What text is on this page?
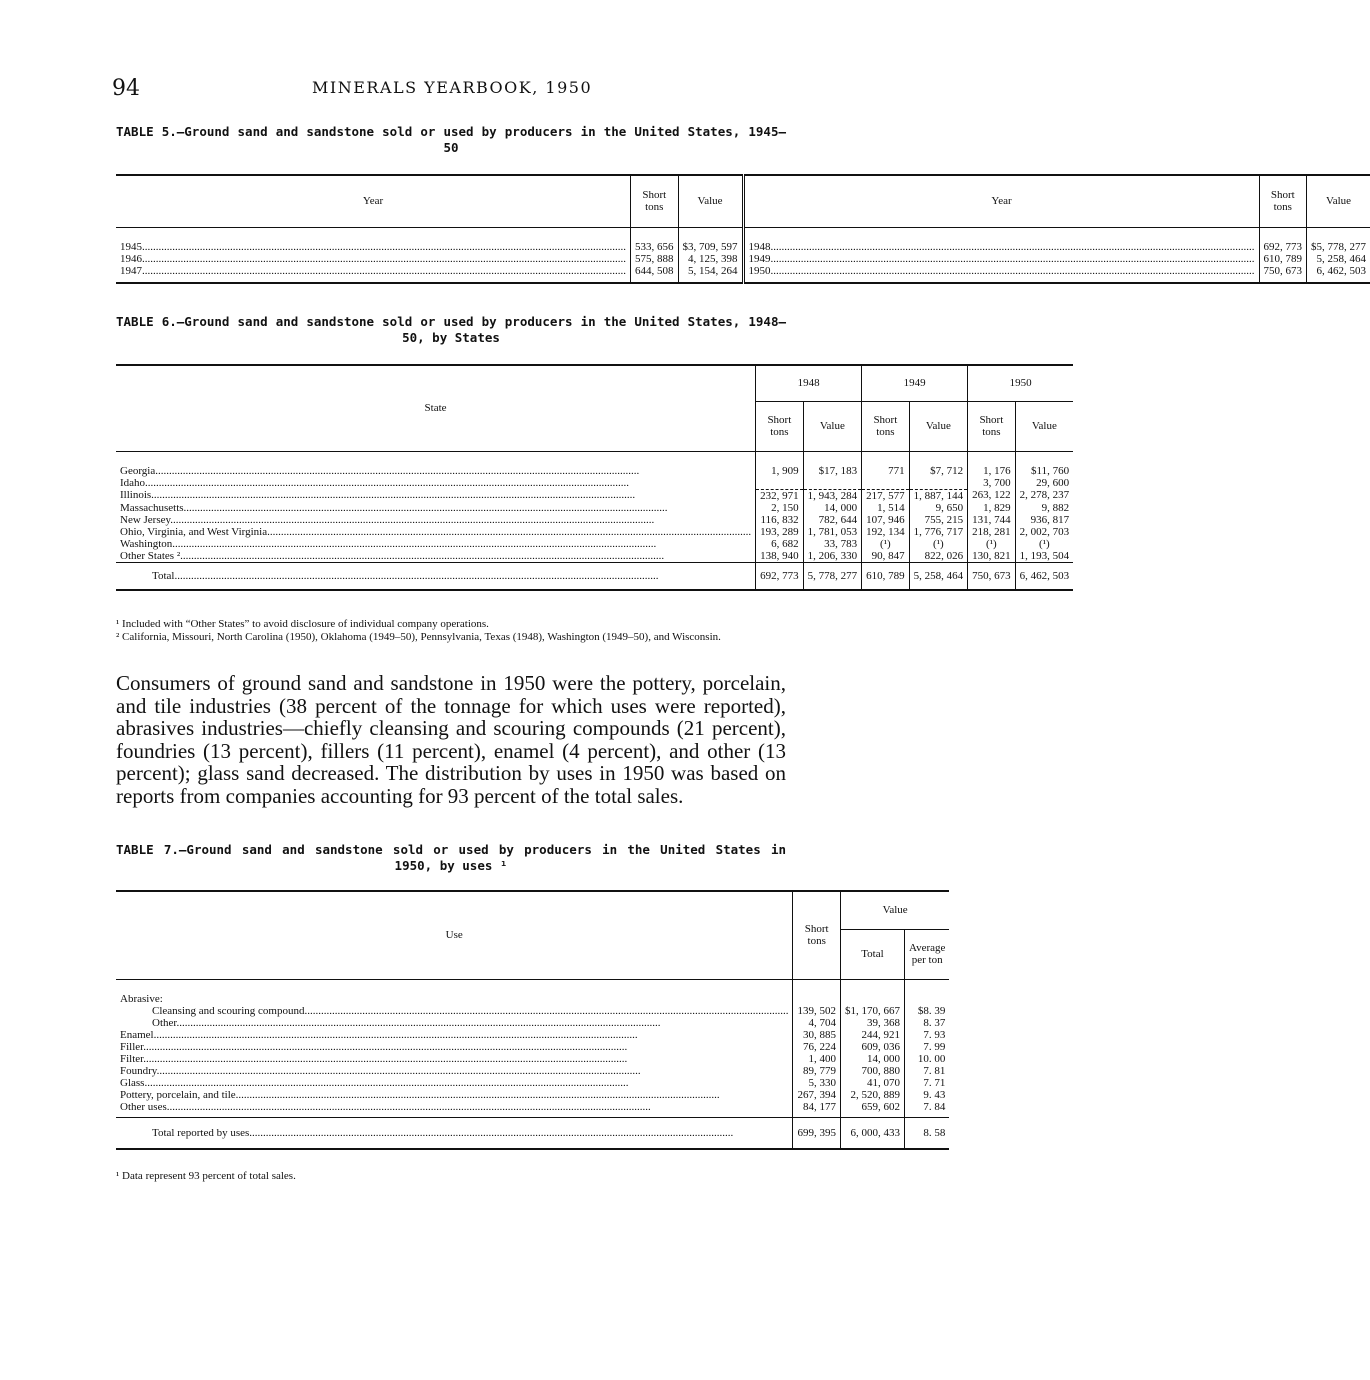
94	MINERALS YEARBOOK, 1950
TABLE 5.—Ground sand and sandstone sold or used by producers in the United States, 1945–50
Year	Short tons	Value	Year	Short tons	Value

1945 .....	533, 656	$3, 709, 597	1948 .....	692, 773	$5, 778, 277
1946 .....	575, 888	4, 125, 398	1949 .....	610, 789	5, 258, 464
1947 .....	644, 508	5, 154, 264	1950 .....	750, 673	6, 462, 503
TABLE 6.—Ground sand and sandstone sold or used by producers in the United States, 1948–50, by States
State	1948		1949		1950	
	Short tons	Value	Short tons	Value	Short tons	Value

Georgia .....	1, 909	$17, 183	771	$7, 712	1, 176	$11, 760
Idaho .....					3, 700	29, 600
Illinois .....	232, 971	1, 943, 284	217, 577	1, 887, 144	263, 122	2, 278, 237
Massachusetts .....	2, 150	14, 000	1, 514	9, 650	1, 829	9, 882
New Jersey .....	116, 832	782, 644	107, 946	755, 215	131, 744	936, 817
Ohio, Virginia, and West Virginia .....	193, 289	1, 781, 053	192, 134	1, 776, 717	218, 281	2, 002, 703
Washington .....	6, 682	33, 783	(¹)	(¹)	(¹)	(¹)
Other States ² .....	138, 940	1, 206, 330	90, 847	822, 026	130, 821	1, 193, 504
Total .....	692, 773	5, 778, 277	610, 789	5, 258, 464	750, 673	6, 462, 503
¹ Included with “Other States” to avoid disclosure of individual company operations.
² California, Missouri, North Carolina (1950), Oklahoma (1949–50), Pennsylvania, Texas (1948), Washington (1949–50), and Wisconsin.
Consumers of ground sand and sandstone in 1950 were the pottery, porcelain, and tile industries (38 percent of the tonnage for which uses were reported), abrasives industries—chiefly cleansing and scouring compounds (21 percent), foundries (13 percent), fillers (11 percent), enamel (4 percent), and other (13 percent); glass sand decreased. The distribution by uses in 1950 was based on reports from companies accounting for 93 percent of the total sales.
TABLE 7.—Ground sand and sandstone sold or used by producers in the United States in 1950, by uses ¹
Use	Short tons	Value	
		Total	Average per ton

Abrasive:			
Cleansing and scouring compound .....	139, 502	$1, 170, 667	$8. 39
Other .....	4, 704	39, 368	8. 37
Enamel .....	30, 885	244, 921	7. 93
Filler .....	76, 224	609, 036	7. 99
Filter .....	1, 400	14, 000	10. 00
Foundry .....	89, 779	700, 880	7. 81
Glass .....	5, 330	41, 070	7. 71
Pottery, porcelain, and tile .....	267, 394	2, 520, 889	9. 43
Other uses .....	84, 177	659, 602	7. 84
Total reported by uses .....	699, 395	6, 000, 433	8. 58
¹ Data represent 93 percent of total sales.
